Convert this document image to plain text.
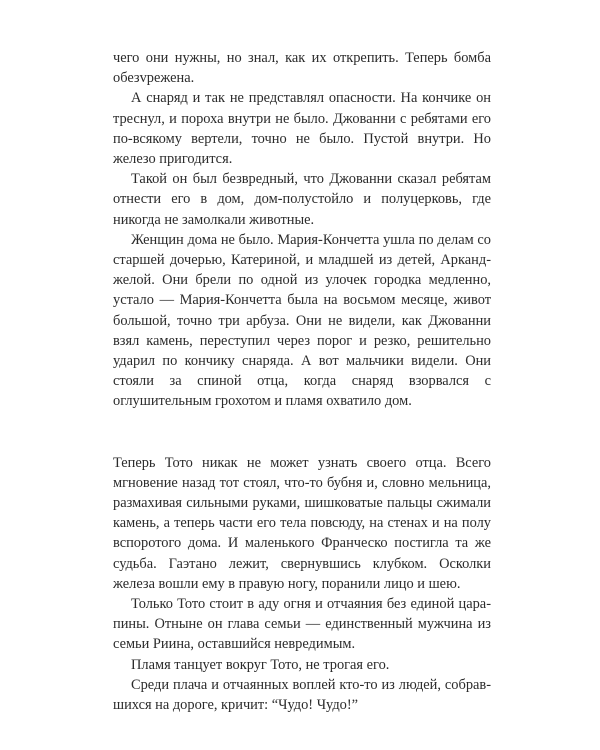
чего они нужны, но знал, как их открепить. Теперь бомба обезvрежена.

А снаряд и так не представлял опасности. На кончике он треснул, и пороха внутри не было. Джованни с ребятами его по-всякому вертели, точно не было. Пустой внутри. Но железо пригодится.

Такой он был безвредный, что Джованни сказал ребятам отнести его в дом, дом-полустойло и полуцерковь, где никогда не замолкали животные.

Женщин дома не было. Мария-Кончетта ушла по делам со старшей дочерью, Катериной, и младшей из детей, Арканджелой. Они брели по одной из улочек городка медленно, устало — Мария-Кончетта была на восьмом месяце, живот большой, точно три арбуза. Они не видели, как Джованни взял камень, переступил через порог и резко, решительно ударил по кончику снаряда. А вот мальчики видели. Они стояли за спиной отца, когда снаряд взорвался с оглушительным грохотом и пламя охватило дом.

Теперь Тото никак не может узнать своего отца. Всего мгновение назад тот стоял, что-то бубня и, словно мельница, размахивая сильными руками, шишковатые пальцы сжимали камень, а теперь части его тела повсюду, на стенах и на полу вспоротого дома. И маленького Франческо постигла та же судьба. Гаэтано лежит, свернувшись клубком. Осколки железа вошли ему в правую ногу, поранили лицо и шею.

Только Тото стоит в аду огня и отчаяния без единой царапины. Отныне он глава семьи — единственный мужчина из семьи Риина, оставшийся невредимым.

Пламя танцует вокруг Тото, не трогая его.

Среди плача и отчаянных воплей кто-то из людей, собравшихся на дороге, кричит: “Чудо! Чудо!”
